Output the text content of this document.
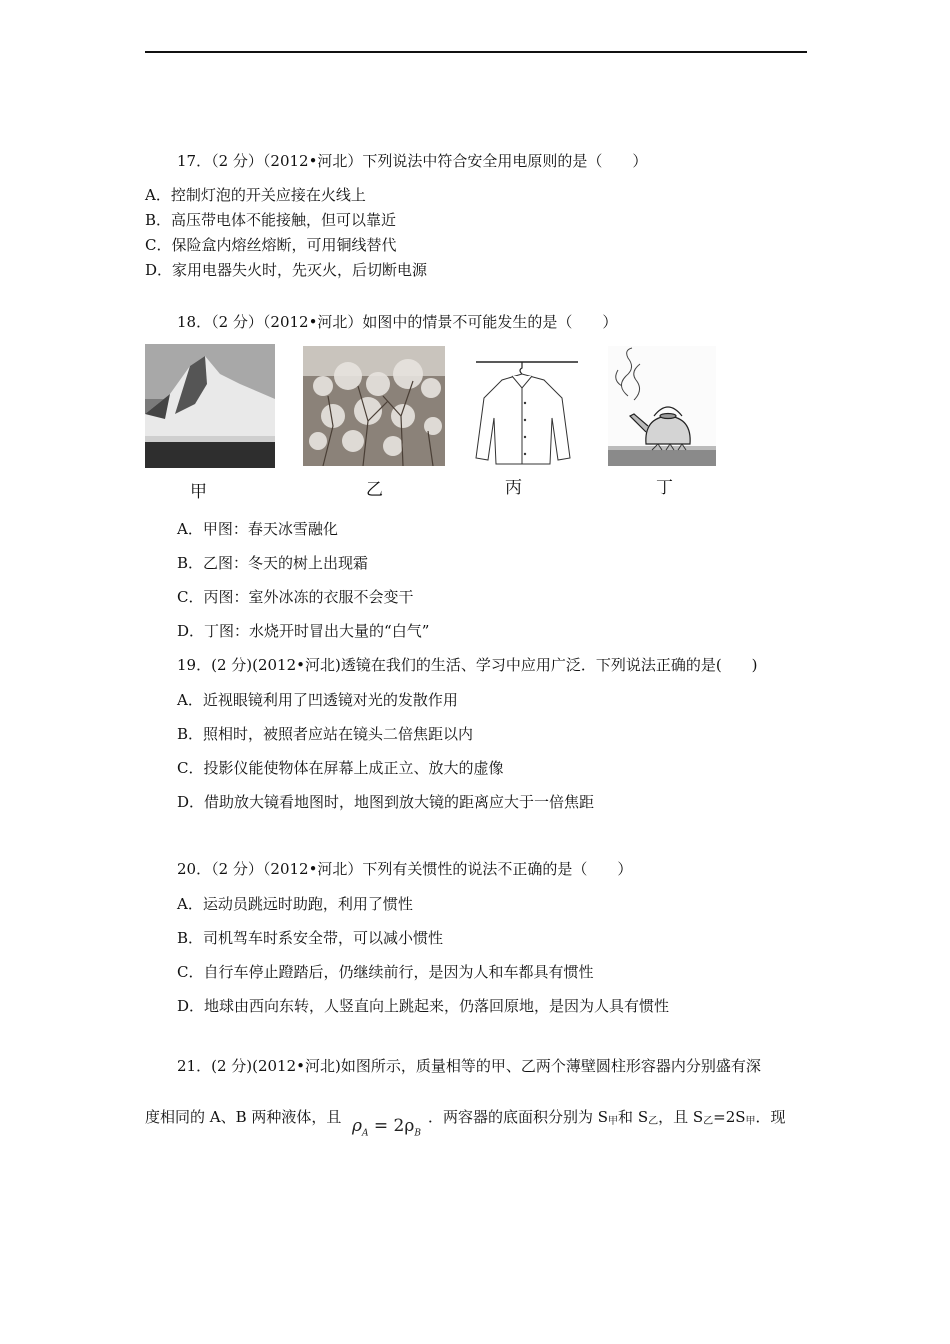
17．（2 分）（2012•河北）下列说法中符合安全用电原则的是（　　）
A．控制灯泡的开关应接在火线上
B．高压带电体不能接触，但可以靠近
C．保险盒内熔丝熔断，可用铜线替代
D．家用电器失火时，先灭火，后切断电源
18．（2 分）（2012•河北）如图中的情景不可能发生的是（　　）
甲	乙	丙	丁
A．甲图：春天冰雪融化
B．乙图：冬天的树上出现霜
C．丙图：室外冰冻的衣服不会变干
D．丁图：水烧开时冒出大量的“白气”
19．(2 分)(2012•河北)透镜在我们的生活、学习中应用广泛．下列说法正确的是(　　)
A．近视眼镜利用了凹透镜对光的发散作用
B．照相时，被照者应站在镜头二倍焦距以内
C．投影仪能使物体在屏幕上成正立、放大的虚像
D．借助放大镜看地图时，地图到放大镜的距离应大于一倍焦距
20．（2 分）（2012•河北）下列有关惯性的说法不正确的是（　　）
A．运动员跳远时助跑，利用了惯性
B．司机驾车时系安全带，可以减小惯性
C．自行车停止蹬踏后，仍继续前行，是因为人和车都具有惯性
D．地球由西向东转，人竖直向上跳起来，仍落回原地，是因为人具有惯性
21．(2 分)(2012•河北)如图所示，质量相等的甲、乙两个薄壁圆柱形容器内分别盛有深
度相同的 A、B 两种液体，且 $\rho_A = 2\rho_B$
．两容器的底面积分别为 $S_甲$和 $S_乙$，且 $S_乙=2S_甲$．现
